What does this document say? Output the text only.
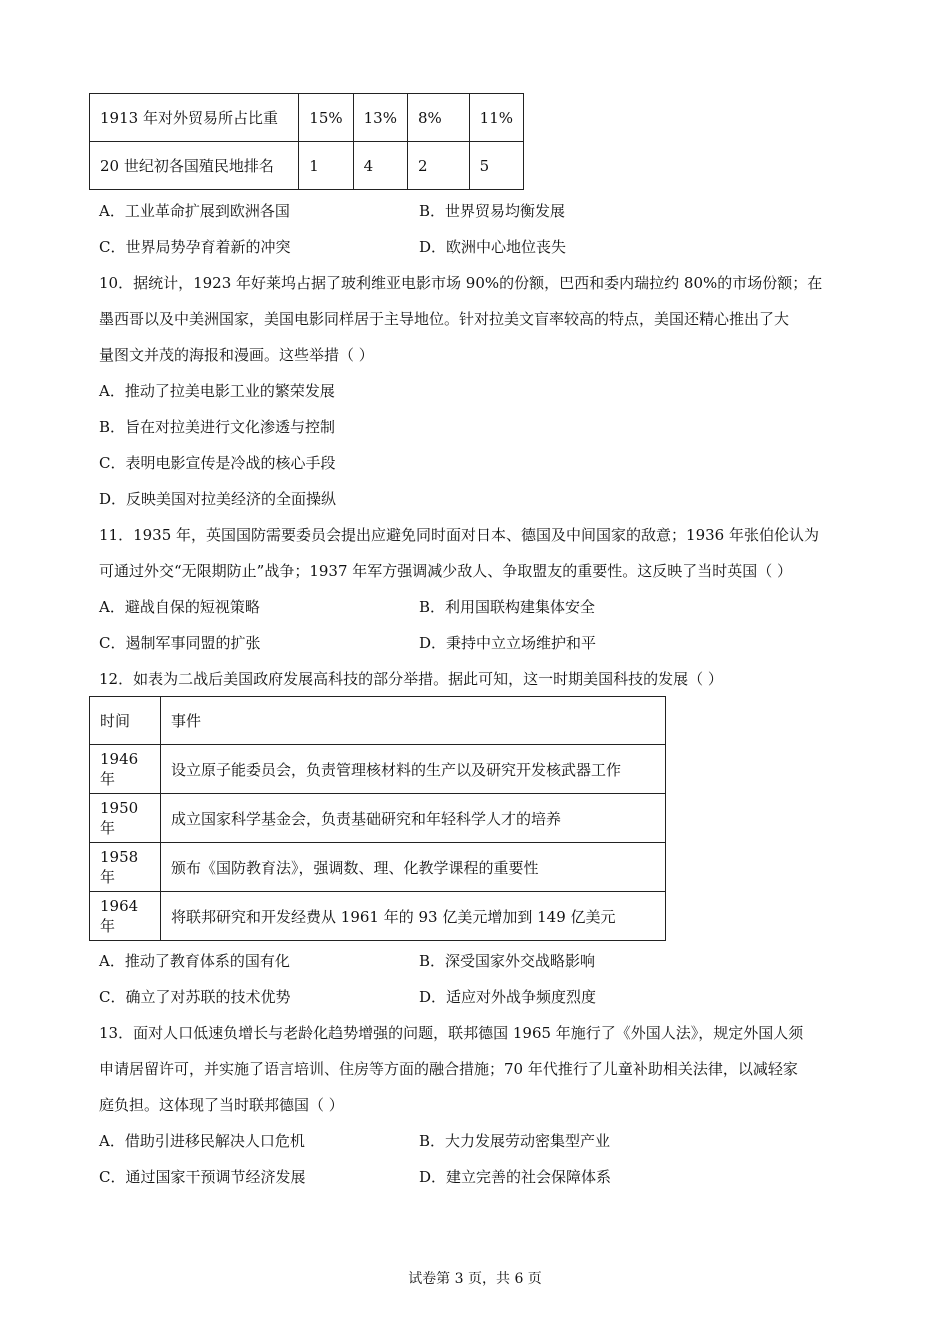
1913 年对外贸易所占比重	15%	13%	8%	11%
20 世纪初各国殖民地排名	1	4	2	5
A．工业革命扩展到欧洲各国	B．世界贸易均衡发展
C．世界局势孕育着新的冲突	D．欧洲中心地位丧失
10．据统计，1923 年好莱坞占据了玻利维亚电影市场 90%的份额，巴西和委内瑞拉约 80%的市场份额；在
墨西哥以及中美洲国家，美国电影同样居于主导地位。针对拉美文盲率较高的特点，美国还精心推出了大
量图文并茂的海报和漫画。这些举措（ ）
A．推动了拉美电影工业的繁荣发展
B．旨在对拉美进行文化渗透与控制
C．表明电影宣传是冷战的核心手段
D．反映美国对拉美经济的全面操纵
11．1935 年，英国国防需要委员会提出应避免同时面对日本、德国及中间国家的敌意；1936 年张伯伦认为
可通过外交“无限期防止”战争；1937 年军方强调减少敌人、争取盟友的重要性。这反映了当时英国（ ）
A．避战自保的短视策略	B．利用国联构建集体安全
C．遏制军事同盟的扩张	D．秉持中立立场维护和平
12．如表为二战后美国政府发展高科技的部分举措。据此可知，这一时期美国科技的发展（ ）
时间	事件
1946 年	设立原子能委员会，负责管理核材料的生产以及研究开发核武器工作
1950 年	成立国家科学基金会，负责基础研究和年轻科学人才的培养
1958 年	颁布《国防教育法》，强调数、理、化教学课程的重要性
1964 年	将联邦研究和开发经费从 1961 年的 93 亿美元增加到 149 亿美元
A．推动了教育体系的国有化	B．深受国家外交战略影响
C．确立了对苏联的技术优势	D．适应对外战争频度烈度
13．面对人口低速负增长与老龄化趋势增强的问题，联邦德国 1965 年施行了《外国人法》，规定外国人须
申请居留许可，并实施了语言培训、住房等方面的融合措施；70 年代推行了儿童补助相关法律，以减轻家
庭负担。这体现了当时联邦德国（ ）
A．借助引进移民解决人口危机	B．大力发展劳动密集型产业
C．通过国家干预调节经济发展	D．建立完善的社会保障体系
试卷第 3 页，共 6 页
